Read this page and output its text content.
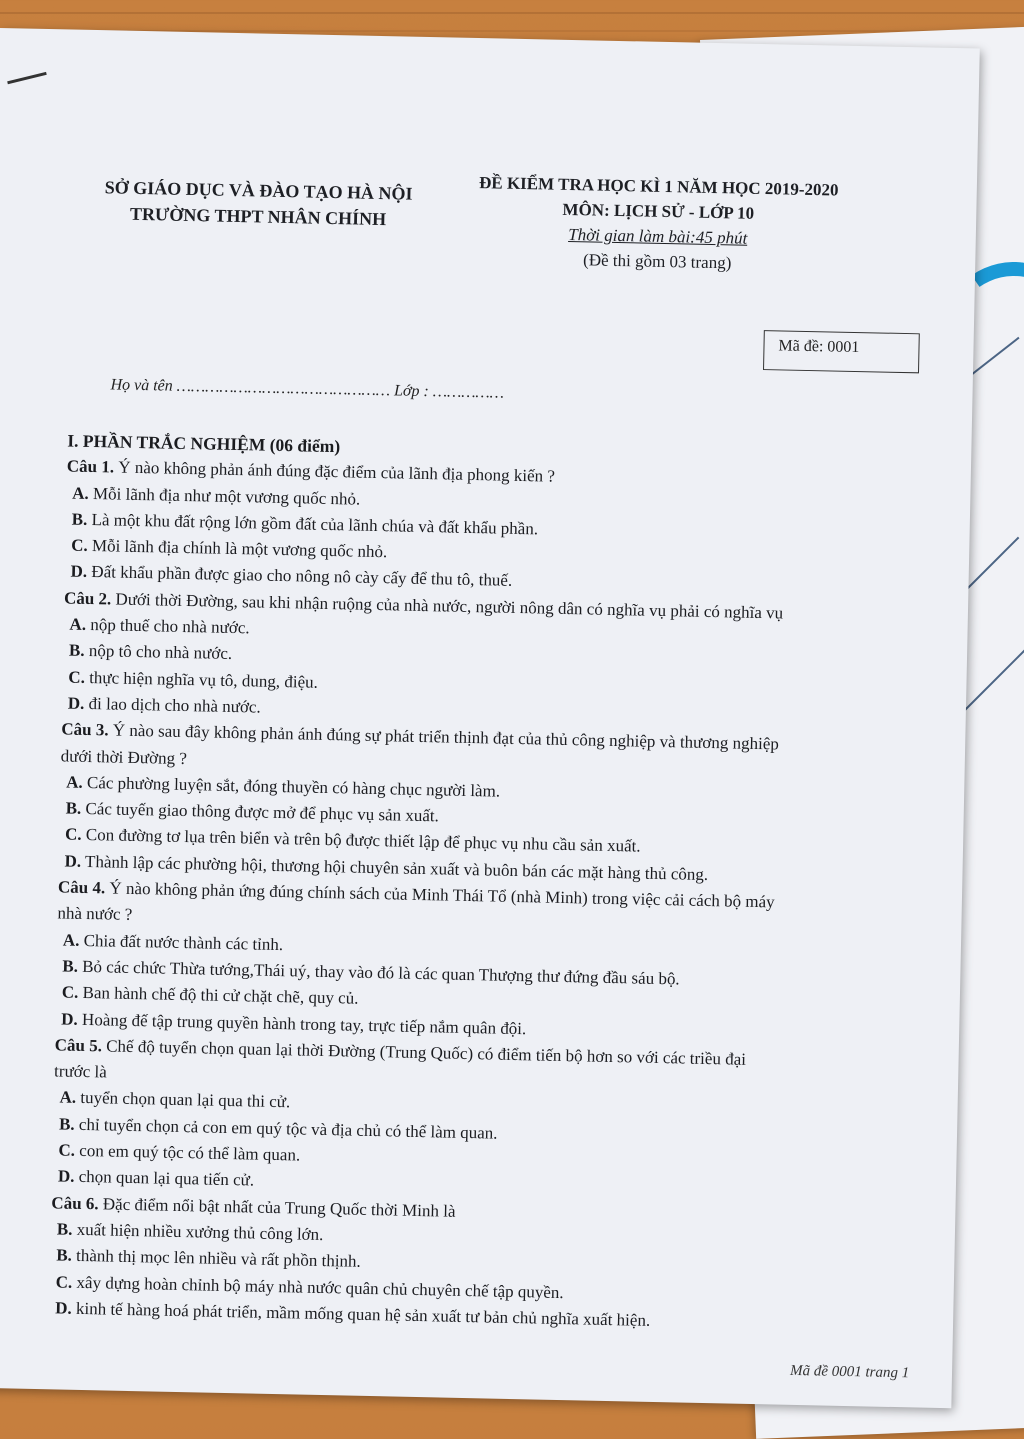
SỞ GIÁO DỤC VÀ ĐÀO TẠO HÀ NỘI
TRƯỜNG THPT NHÂN CHÍNH
ĐỀ KIỂM TRA HỌC KÌ 1 NĂM HỌC 2019-2020
MÔN: LỊCH SỬ - LỚP 10
Thời gian làm bài:45 phút
(Đề thi gồm 03 trang)
Mã đề: 0001
Họ và tên ……………………………………… Lớp : ……………
I. PHẦN TRẮC NGHIỆM (06 điểm)
Câu 1. Ý nào không phản ánh đúng đặc điểm của lãnh địa phong kiến ?
A. Mỗi lãnh địa như một vương quốc nhỏ.
B. Là một khu đất rộng lớn gồm đất của lãnh chúa và đất khẩu phần.
C. Mỗi lãnh địa chính là một vương quốc nhỏ.
D. Đất khẩu phần được giao cho nông nô cày cấy để thu tô, thuế.
Câu 2. Dưới thời Đường, sau khi nhận ruộng của nhà nước, người nông dân có nghĩa vụ phải có nghĩa vụ
A. nộp thuế cho nhà nước.
B. nộp tô cho nhà nước.
C. thực hiện nghĩa vụ tô, dung, điệu.
D. đi lao dịch cho nhà nước.
Câu 3. Ý nào sau đây không phản ánh đúng sự phát triển thịnh đạt của thủ công nghiệp và thương nghiệp
dưới thời Đường ?
A. Các phường luyện sắt, đóng thuyền có hàng chục người làm.
B. Các tuyến giao thông được mở để phục vụ sản xuất.
C. Con đường tơ lụa trên biển và trên bộ được thiết lập để phục vụ nhu cầu sản xuất.
D. Thành lập các phường hội, thương hội chuyên sản xuất và buôn bán các mặt hàng thủ công.
Câu 4. Ý nào không phản ứng đúng chính sách của Minh Thái Tổ (nhà Minh) trong việc cải cách bộ máy
nhà nước ?
A. Chia đất nước thành các tỉnh.
B. Bỏ các chức Thừa tướng,Thái uý, thay vào đó là các quan Thượng thư đứng đầu sáu bộ.
C. Ban hành chế độ thi cử chặt chẽ, quy củ.
D. Hoàng đế tập trung quyền hành trong tay, trực tiếp nắm quân đội.
Câu 5. Chế độ tuyển chọn quan lại thời Đường (Trung Quốc) có điểm tiến bộ hơn so với các triều đại
trước là
A. tuyển chọn quan lại qua thi cử.
B. chỉ tuyển chọn cả con em quý tộc và địa chủ có thể làm quan.
C. con em quý tộc có thể làm quan.
D. chọn quan lại qua tiến cử.
Câu 6. Đặc điểm nổi bật nhất của Trung Quốc thời Minh là
B. xuất hiện nhiều xưởng thủ công lớn.
B. thành thị mọc lên nhiều và rất phồn thịnh.
C. xây dựng hoàn chỉnh bộ máy nhà nước quân chủ chuyên chế tập quyền.
D. kinh tế hàng hoá phát triển, mầm mống quan hệ sản xuất tư bản chủ nghĩa xuất hiện.
Mã đề 0001 trang 1
